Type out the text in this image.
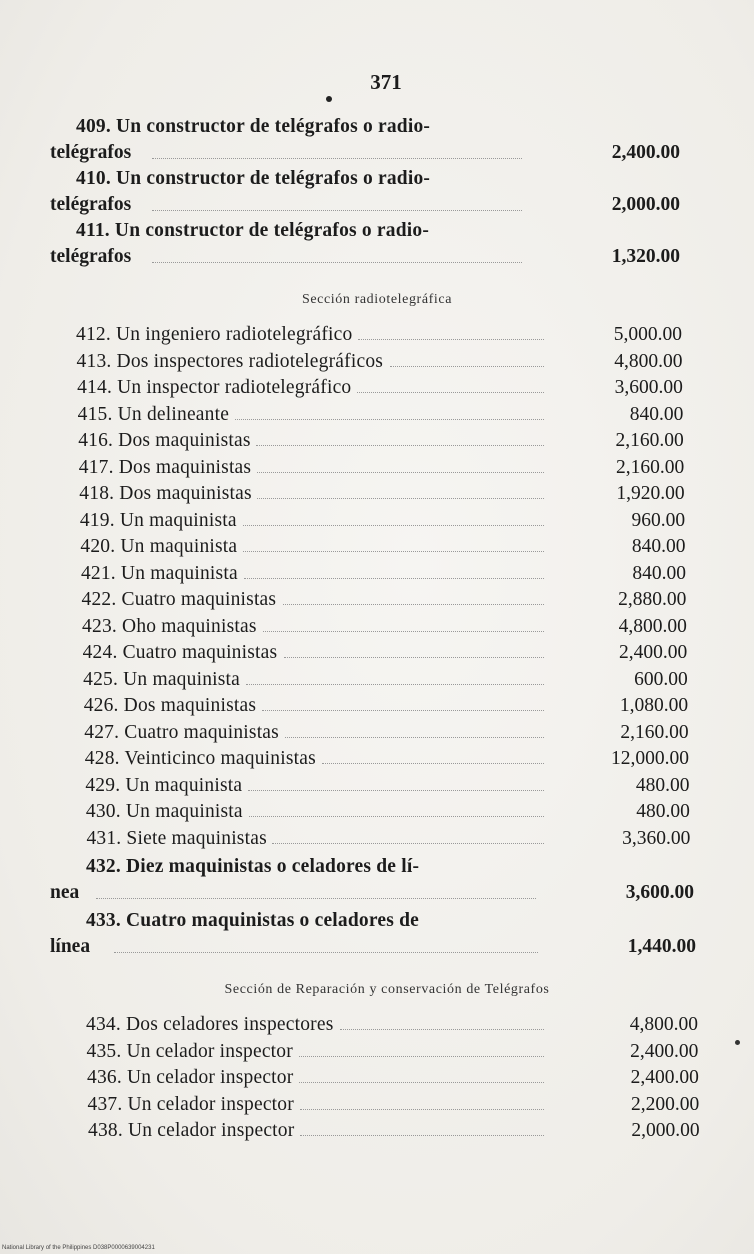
371
409. Un constructor de telégrafos o radio-
telégrafos	2,400.00
410. Un constructor de telégrafos o radio-
telégrafos	2,000.00
411. Un constructor de telégrafos o radio-
telégrafos	1,320.00
Sección radiotelegráfica
412. Un ingeniero radiotelegráfico	5,000.00
413. Dos inspectores radiotelegráficos	4,800.00
414. Un inspector radiotelegráfico	3,600.00
415. Un delineante	840.00
416. Dos maquinistas	2,160.00
417. Dos maquinistas	2,160.00
418. Dos maquinistas	1,920.00
419. Un maquinista	960.00
420. Un maquinista	840.00
421. Un maquinista	840.00
422. Cuatro maquinistas	2,880.00
423. Oho maquinistas	4,800.00
424. Cuatro maquinistas	2,400.00
425. Un maquinista	600.00
426. Dos maquinistas	1,080.00
427. Cuatro maquinistas	2,160.00
428. Veinticinco maquinistas	12,000.00
429. Un maquinista	480.00
430. Un maquinista	480.00
431. Siete maquinistas	3,360.00
432. Diez maquinistas o celadores de lí-
nea	3,600.00
433. Cuatro maquinistas o celadores de
línea	1,440.00
Sección de Reparación y conservación de Telégrafos
434. Dos celadores inspectores	4,800.00
435. Un celador inspector	2,400.00
436. Un celador inspector	2,400.00
437. Un celador inspector	2,200.00
438. Un celador inspector	2,000.00
National Library of the Philippines D038P0000639004231
